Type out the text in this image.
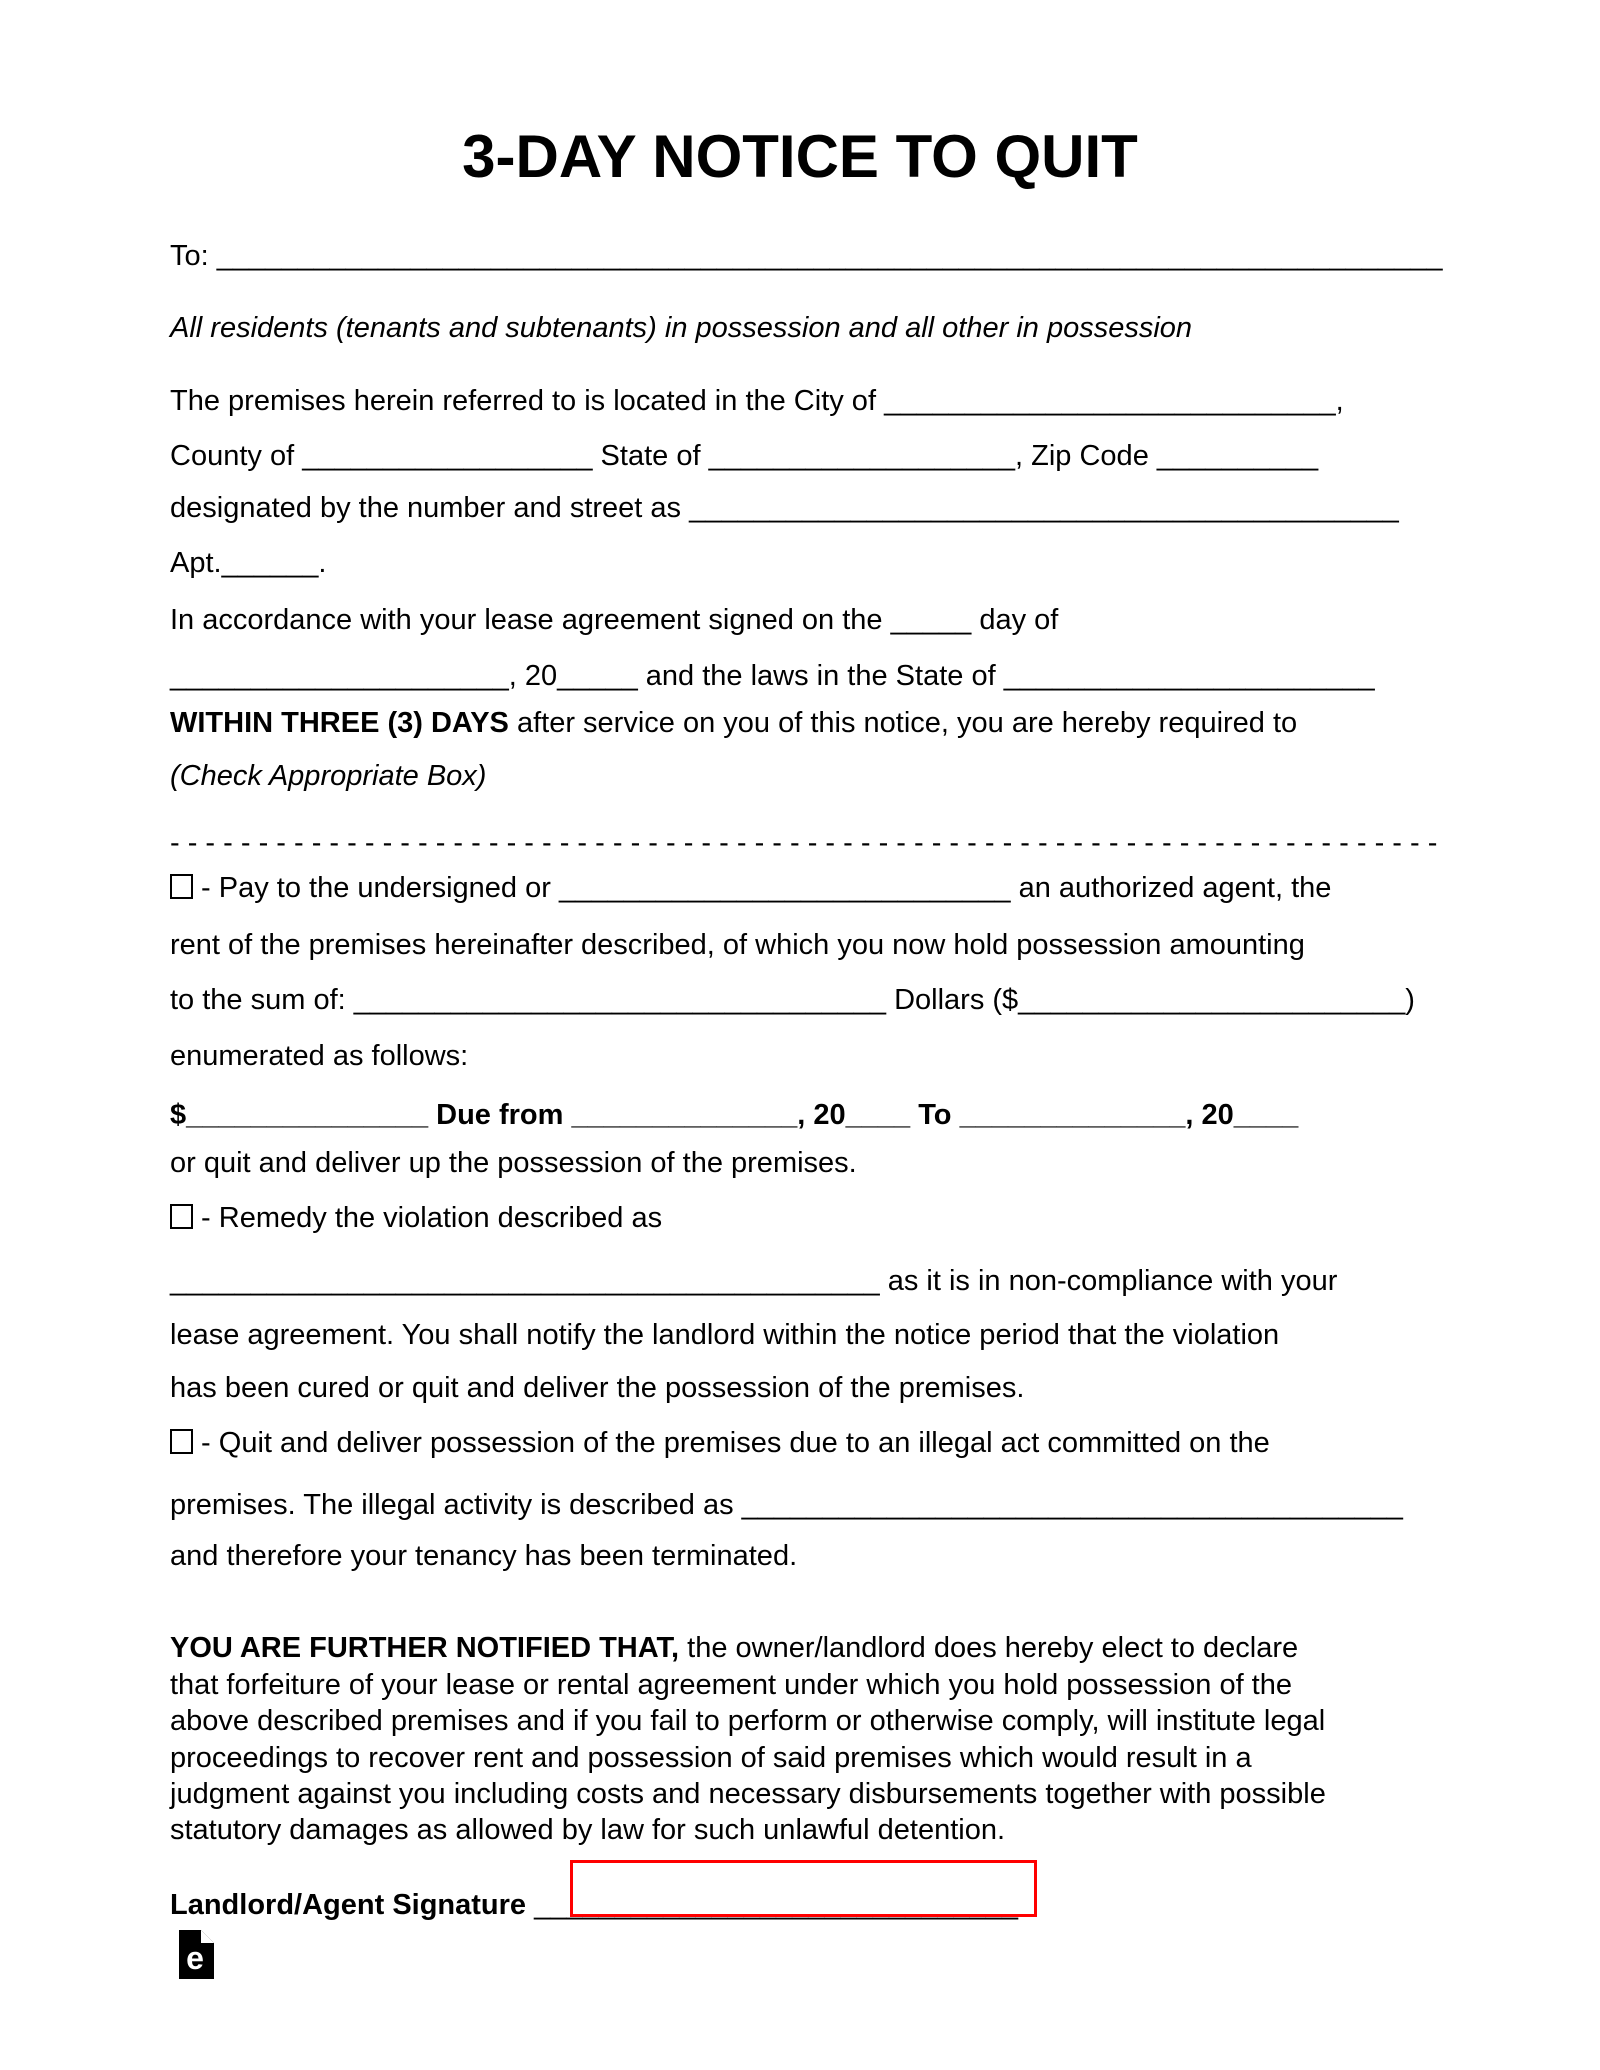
3-DAY NOTICE TO QUIT
To: ____________________________________________________________________________
All residents (tenants and subtenants) in possession and all other in possession
The premises herein referred to is located in the City of ____________________________,
County of __________________ State of ___________________, Zip Code __________
designated by the number and street as ____________________________________________
Apt.______.
In accordance with your lease agreement signed on the _____ day of
_____________________, 20_____ and the laws in the State of _______________________
WITHIN THREE (3) DAYS after service on you of this notice, you are hereby required to
(Check Appropriate Box)
- - - - - - - - - - - - - - - - - - - - - - - - - - - - - - - - - - - - - - - - - - - - - - - - - - - - - - - - - - - - - - - - - - - - - - - -
- Pay to the undersigned or ____________________________ an authorized agent, the
rent of the premises hereinafter described, of which you now hold possession amounting
to the sum of: _________________________________ Dollars ($________________________)
enumerated as follows:
$_______________ Due from ______________, 20____ To ______________, 20____
or quit and deliver up the possession of the premises.
- Remedy the violation described as
____________________________________________ as it is in non-compliance with your
lease agreement. You shall notify the landlord within the notice period that the violation
has been cured or quit and deliver the possession of the premises.
- Quit and deliver possession of the premises due to an illegal act committed on the
premises. The illegal activity is described as _________________________________________
and therefore your tenancy has been terminated.
YOU ARE FURTHER NOTIFIED THAT, the owner/landlord does hereby elect to declare
that forfeiture of your lease or rental agreement under which you hold possession of the
above described premises and if you fail to perform or otherwise comply, will institute legal
proceedings to recover rent and possession of said premises which would result in a
judgment against you including costs and necessary disbursements together with possible
statutory damages as allowed by law for such unlawful detention.
Landlord/Agent Signature ______________________________
e
